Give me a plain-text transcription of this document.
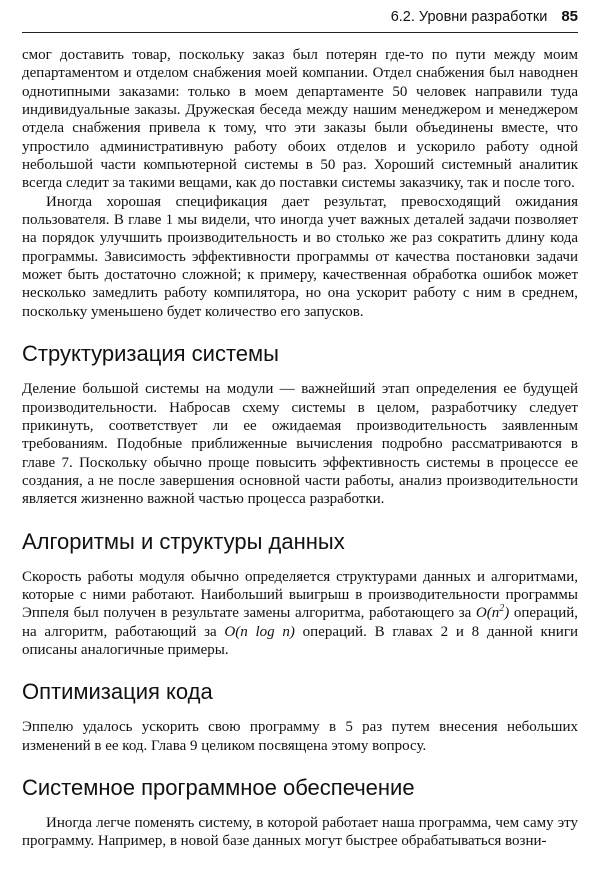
6.2. Уровни разработки 85

смог доставить товар, поскольку заказ был потерян где-то по пути между моим департаментом и отделом снабжения моей компании. Отдел снабжения был наводнен однотипными заказами: только в моем департаменте 50 человек направили туда индивидуальные заказы. Дружеская беседа между нашим менеджером и менеджером отдела снабжения привела к тому, что эти заказы были объединены вместе, что упростило административную работу обоих отделов и ускорило работу одной небольшой части компьютерной системы в 50 раз. Хороший системный аналитик всегда следит за такими вещами, как до поставки системы заказчику, так и после того.

Иногда хорошая спецификация дает результат, превосходящий ожидания пользователя. В главе 1 мы видели, что иногда учет важных деталей задачи позволяет на порядок улучшить производительность и во столько же раз сократить длину кода программы. Зависимость эффективности программы от качества постановки задачи может быть достаточно сложной; к примеру, качественная обработка ошибок может несколько замедлить работу компилятора, но она ускорит работу с ним в среднем, поскольку уменьшено будет количество его запусков.

Структуризация системы

Деление большой системы на модули — важнейший этап определения ее будущей производительности. Набросав схему системы в целом, разработчику следует прикинуть, соответствует ли ее ожидаемая производительность заявленным требованиям. Подобные приближенные вычисления подробно рассматриваются в главе 7. Поскольку обычно проще повысить эффективность системы в процессе ее создания, а не после завершения основной части работы, анализ производительности является жизненно важной частью процесса разработки.

Алгоритмы и структуры данных

Скорость работы модуля обычно определяется структурами данных и алгоритмами, которые с ними работают. Наибольший выигрыш в производительности программы Эппеля был получен в результате замены алгоритма, работающего за $O(n^2)$ операций, на алгоритм, работающий за O(n log n) операций. В главах 2 и 8 данной книги описаны аналогичные примеры.

Оптимизация кода

Эппелю удалось ускорить свою программу в 5 раз путем внесения небольших изменений в ее код. Глава 9 целиком посвящена этому вопросу.

Системное программное обеспечение

Иногда легче поменять систему, в которой работает наша программа, чем саму эту программу. Например, в новой базе данных могут быстрее обрабатываться возни-
